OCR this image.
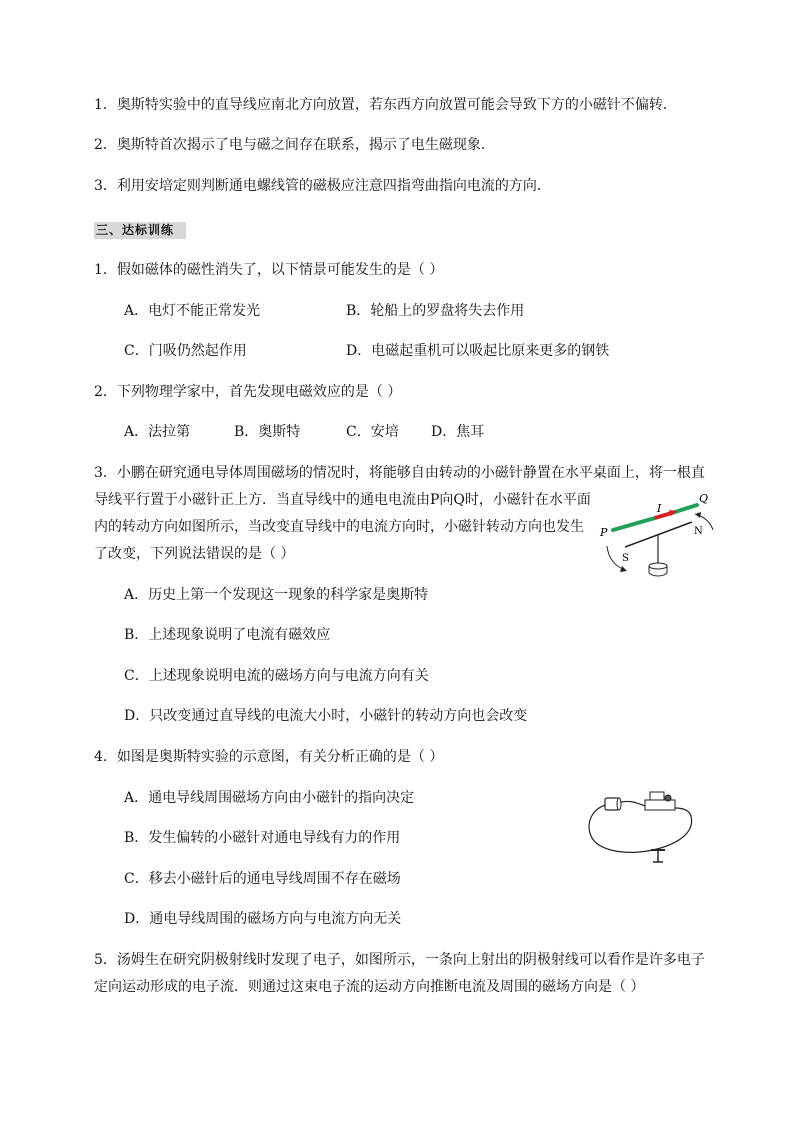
1．奥斯特实验中的直导线应南北方向放置，若东西方向放置可能会导致下方的小磁针不偏转．
2．奥斯特首次揭示了电与磁之间存在联系，揭示了电生磁现象．
3．利用安培定则判断通电螺线管的磁极应注意四指弯曲指向电流的方向．
三、达标训练
1．假如磁体的磁性消失了，以下情景可能发生的是（ ）
A．电灯不能正常发光	B．轮船上的罗盘将失去作用
C．门吸仍然起作用	D．电磁起重机可以吸起比原来更多的钢铁
2．下列物理学家中，首先发现电磁效应的是（ ）
A．法拉第	B．奥斯特	C．安培 D．焦耳
3．小鹏在研究通电导体周围磁场的情况时，将能够自由转动的小磁针静置在水平桌面上，将一根直
导线平行置于小磁针正上方．当直导线中的通电电流由P向Q时，小磁针在水平面
内的转动方向如图所示，当改变直导线中的电流方向时，小磁针转动方向也发生
了改变，下列说法错误的是（ ）
P
Q
I
N
S
A．历史上第一个发现这一现象的科学家是奥斯特
B．上述现象说明了电流有磁效应
C．上述现象说明电流的磁场方向与电流方向有关
D．只改变通过直导线的电流大小时，小磁针的转动方向也会改变
4．如图是奥斯特实验的示意图，有关分析正确的是（ ）
A．通电导线周围磁场方向由小磁针的指向决定
B．发生偏转的小磁针对通电导线有力的作用
C．移去小磁针后的通电导线周围不存在磁场
D．通电导线周围的磁场方向与电流方向无关
5．汤姆生在研究阴极射线时发现了电子，如图所示，一条向上射出的阴极射线可以看作是许多电子
定向运动形成的电子流．则通过这束电子流的运动方向推断电流及周围的磁场方向是（ ）
